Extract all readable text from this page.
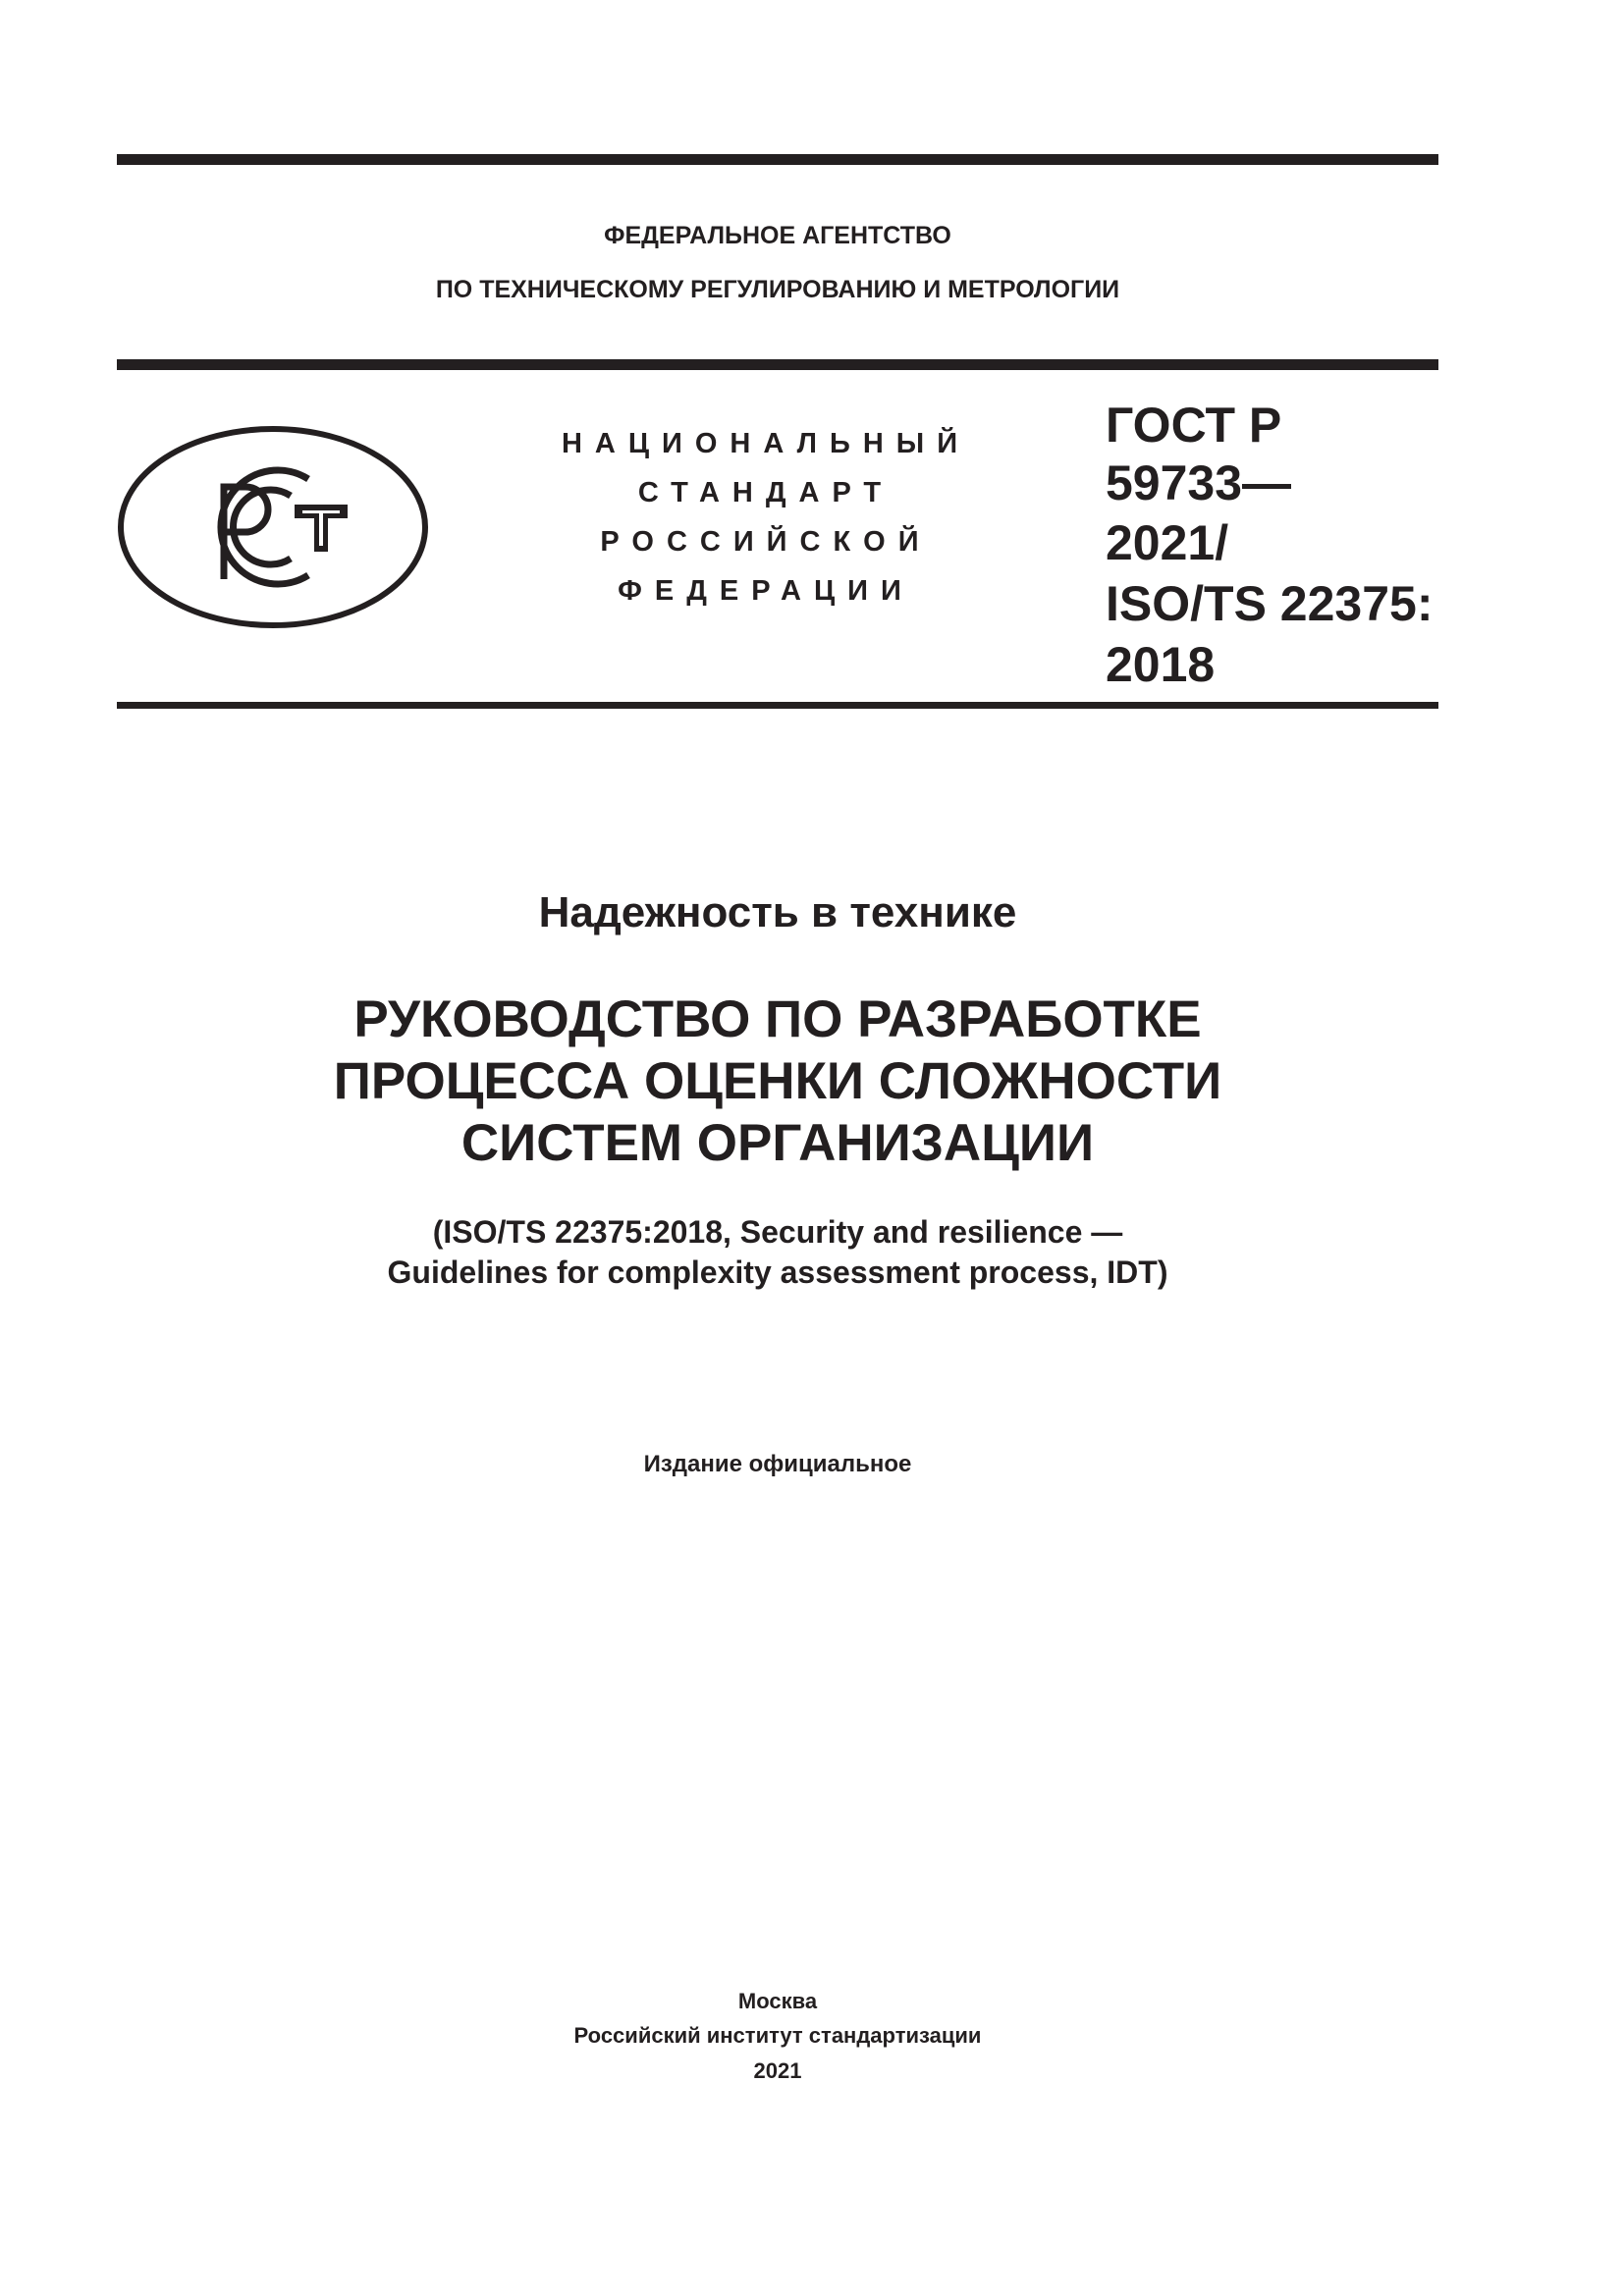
ФЕДЕРАЛЬНОЕ АГЕНТСТВО
ПО ТЕХНИЧЕСКОМУ РЕГУЛИРОВАНИЮ И МЕТРОЛОГИИ
НАЦИОНАЛЬНЫЙ
СТАНДАРТ
РОССИЙСКОЙ
ФЕДЕРАЦИИ
ГОСТ Р
59733—
2021/
ISO/TS 22375:
2018
Надежность в технике
РУКОВОДСТВО ПО РАЗРАБОТКЕ
ПРОЦЕССА ОЦЕНКИ СЛОЖНОСТИ
СИСТЕМ ОРГАНИЗАЦИИ
(ISO/TS 22375:2018, Security and resilience —
Guidelines for complexity assessment process, IDT)
Издание официальное
Москва
Российский институт стандартизации
2021
